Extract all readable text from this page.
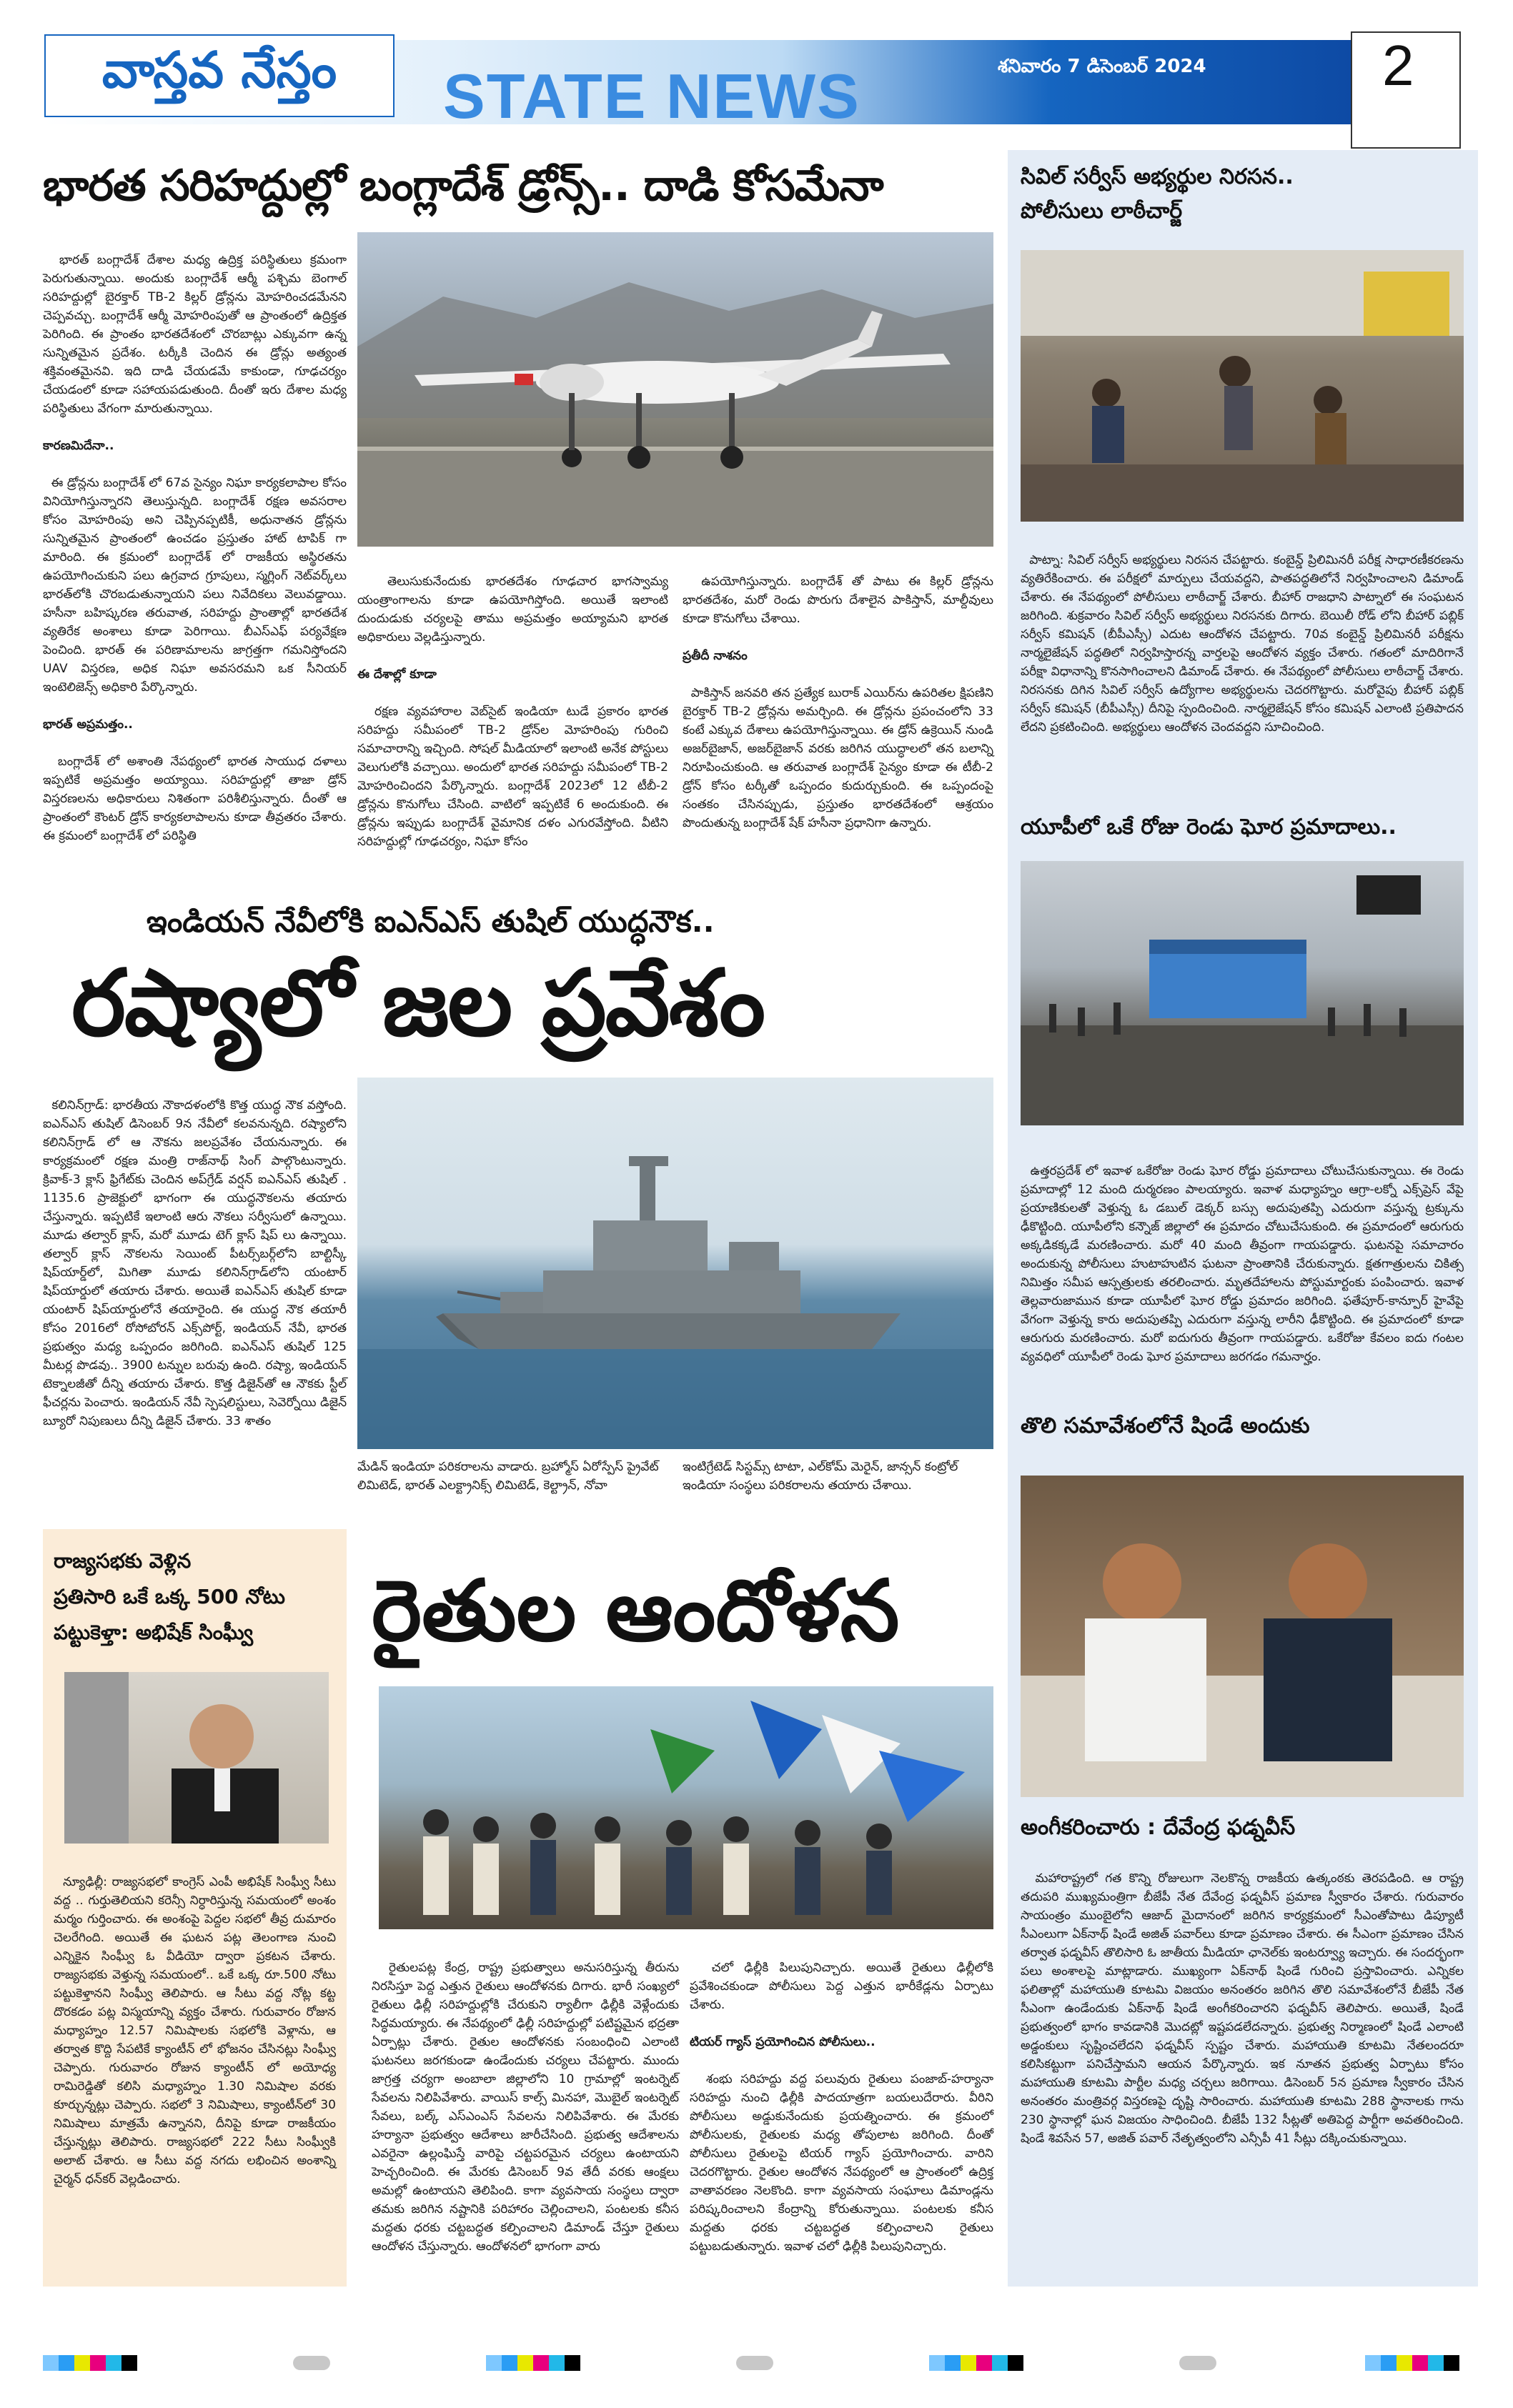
వాస్తవ నేస్తం STATE NEWS	శనివారం 7 డిసెంబర్ 2024	2
భారత సరిహద్దుల్లో బంగ్లాదేశ్ డ్రోన్స్.. దాడి కోసమేనా

భారత్ బంగ్లాదేశ్ దేశాల మధ్య ఉద్రిక్త పరిస్థితులు క్రమంగా పెరుగుతున్నాయి. అందుకు బంగ్లాదేశ్ ఆర్మీ పశ్చిమ బెంగాల్ సరిహద్దుల్లో బైరక్తార్ TB-2 కిల్లర్ డ్రోన్లను మోహరించడమేనని చెప్పవచ్చు. బంగ్లాదేశ్ ఆర్మీ మోహరింపుతో ఆ ప్రాంతంలో ఉద్రిక్తత పెరిగింది. ఈ ప్రాంతం భారతదేశంలో చొరబాట్లు ఎక్కువగా ఉన్న సున్నితమైన ప్రదేశం. టర్కీకి చెందిన ఈ డ్రోన్లు అత్యంత శక్తివంతమైనవి. ఇది దాడి చేయడమే కాకుండా, గూఢచర్యం చేయడంలో కూడా సహాయపడుతుంది. దీంతో ఇరు దేశాల మధ్య పరిస్థితులు వేగంగా మారుతున్నాయి.

కారణమిదేనా..

ఈ డ్రోన్లను బంగ్లాదేశ్ లో 67వ సైన్యం నిఘా కార్యకలాపాల కోసం వినియోగిస్తున్నారని తెలుస్తున్నది. బంగ్లాదేశ్ రక్షణ అవసరాల కోసం మోహరింపు అని చెప్పినప్పటికీ, అధునాతన డ్రోన్లను సున్నితమైన ప్రాంతంలో ఉంచడం ప్రస్తుతం హాట్ టాపిక్ గా మారింది. ఈ క్రమంలో బంగ్లాదేశ్ లో రాజకీయ అస్థిరతను ఉపయోగించుకుని పలు ఉగ్రవాద గ్రూపులు, స్మగ్లింగ్ నెట్‌వర్క్‌లు భారత్‌లోకి చొరబడుతున్నాయని పలు నివేదికలు వెలువడ్డాయి. హసీనా బహిష్కరణ తరువాత, సరిహద్దు ప్రాంతాల్లో భారతదేశ వ్యతిరేక అంశాలు కూడా పెరిగాయి. బీఎస్‌ఎఫ్ పర్యవేక్షణ పెంచింది. భారత్ ఈ పరిణామాలను జాగ్రత్తగా గమనిస్తోందని UAV విస్తరణ, అధిక నిఘా అవసరమని ఒక సీనియర్ ఇంటెలిజెన్స్ అధికారి పేర్కొన్నారు.

భారత్ అప్రమత్తం..

బంగ్లాదేశ్ లో అశాంతి నేపథ్యంలో భారత సాయుధ దళాలు ఇప్పటికే అప్రమత్తం అయ్యాయి. సరిహద్దుల్లో తాజా డ్రోన్ విస్తరణలను అధికారులు నిశితంగా పరిశీలిస్తున్నారు. దీంతో ఆ ప్రాంతంలో కౌంటర్ డ్రోన్ కార్యకలాపాలను కూడా తీవ్రతరం చేశారు. ఈ క్రమంలో బంగ్లాదేశ్ లో పరిస్థితి

తెలుసుకునేందుకు భారతదేశం గూఢచార భాగస్వామ్య యంత్రాంగాలను కూడా ఉపయోగిస్తోంది. అయితే ఇలాంటి దుందుడుకు చర్యలపై తాము అప్రమత్తం అయ్యామని భారత అధికారులు వెల్లడిస్తున్నారు.

ఈ దేశాల్లో కూడా

రక్షణ వ్యవహారాల వెబ్‌సైట్ ఇండియా టుడే ప్రకారం భారత సరిహద్దు సమీపంలో TB-2 డ్రోన్‌ల మోహరింపు గురించి సమాచారాన్ని ఇచ్చింది. సోషల్ మీడియాలో ఇలాంటి అనేక పోస్టులు వెలుగులోకి వచ్చాయి. అందులో భారత సరిహద్దు సమీపంలో TB-2 మోహరించిందని పేర్కొన్నారు. బంగ్లాదేశ్ 2023లో 12 టీబీ-2 డ్రోన్లను కొనుగోలు చేసింది. వాటిలో ఇప్పటికే 6 అందుకుంది. ఈ డ్రోన్లను ఇప్పుడు బంగ్లాదేశ్ వైమానిక దళం ఎగురవేస్తోంది. వీటిని సరిహద్దుల్లో గూఢచర్యం, నిఘా కోసం

ఉపయోగిస్తున్నారు. బంగ్లాదేశ్ తో పాటు ఈ కిల్లర్ డ్రోన్లను భారతదేశం, మరో రెండు పొరుగు దేశాలైన పాకిస్తాన్, మాల్దీవులు కూడా కొనుగోలు చేశాయి.

ప్రతీదీ నాశనం

పాకిస్తాన్ జనవరి తన ప్రత్యేక బురాక్ ఎయిర్‌ను ఉపరితల క్షిపణిని బైరక్తార్ TB-2 డ్రోన్లను అమర్చింది. ఈ డ్రోన్లను ప్రపంచంలోని 33 కంటే ఎక్కువ దేశాలు ఉపయోగిస్తున్నాయి. ఈ డ్రోన్ ఉక్రెయిన్ నుండి అజర్‌బైజాన్, అజర్‌బైజాన్ వరకు జరిగిన యుద్ధాలలో తన బలాన్ని నిరూపించుకుంది. ఆ తరువాత బంగ్లాదేశ్ సైన్యం కూడా ఈ టీబీ-2 డ్రోన్ కోసం టర్కీతో ఒప్పందం కుదుర్చుకుంది. ఈ ఒప్పందంపై సంతకం చేసినప్పుడు, ప్రస్తుతం భారతదేశంలో ఆశ్రయం పొందుతున్న బంగ్లాదేశ్ షేక్ హసీనా ప్రధానిగా ఉన్నారు.

ఇండియన్ నేవీలోకి ఐఎన్ఎస్ తుషిల్ యుద్ధనౌక..
రష్యాలో జల ప్రవేశం

కలినిన్‌గ్రాడ్: భారతీయ నౌకాదళంలోకి కొత్త యుద్ధ నౌక వస్తోంది. ఐఎన్ఎస్ తుషిల్ డిసెంబర్ 9న నేవీలో కలవనున్నది. రష్యాలోని కలినిన్‌గ్రాడ్ లో ఆ నౌకను జలప్రవేశం చేయనున్నారు. ఈ కార్యక్రమంలో రక్షణ మంత్రి రాజ్‌నాథ్ సింగ్ పాల్గొంటున్నారు. క్రివాక్-3 క్లాస్ ఫ్రిగేట్‌కు చెందిన అప్‌గ్రేడ్ వర్షన్ ఐఎన్ఎస్ తుషిల్ . 1135.6 ప్రాజెక్టులో భాగంగా ఈ యుద్ధనౌకలను తయారు చేస్తున్నారు. ఇప్పటికే ఇలాంటి ఆరు నౌకలు సర్వీసులో ఉన్నాయి. మూడు తల్వార్ క్లాస్, మరో మూడు టెగ్ క్లాస్ షిప్ లు ఉన్నాయి. తల్వార్ క్లాస్ నౌకలను సెయింట్ పీటర్స్‌బర్గ్‌లోని బాల్టిస్కీ షిప్‌యార్డ్‌లో, మిగితా మూడు కలినిన్‌గ్రాడ్‌లోని యంటార్ షిప్‌యార్డులో తయారు చేశారు. అయితే ఐఎన్ఎస్ తుషిల్ కూడా యంటార్ షిప్‌యార్డులోనే తయారైంది. ఈ యుద్ధ నౌక తయారీ కోసం 2016లో రోసోబోరన్ ఎక్స్‌పోర్ట్, ఇండియన్ నేవీ, భారత ప్రభుత్వం మధ్య ఒప్పందం జరిగింది. ఐఎన్ఎస్ తుషిల్ 125 మీటర్ల పొడవు.. 3900 టన్నుల బరువు ఉంది. రష్యా, ఇండియన్ టెక్నాలజీతో దీన్ని తయారు చేశారు. కొత్త డిజైన్‌తో ఆ నౌకకు స్టీల్ ఫీచర్లను పెంచారు. ఇండియన్ నేవీ స్పెషలిస్టులు, సెవెర్నోయి డిజైన్ బ్యూరో నిపుణులు దీన్ని డిజైన్ చేశారు. 33 శాతం

మేడిన్ ఇండియా పరికరాలను వాడారు. బ్రహ్మోస్ ఏరోస్పేస్ ప్రైవేట్ లిమిటెడ్, భారత్ ఎలక్ట్రానిక్స్ లిమిటెడ్, కెల్ట్రాన్, నోవా
ఇంటిగ్రేటెడ్ సిస్టమ్స్ టాటా, ఎల్‌కోమ్ మెరైన్, జాన్సన్ కంట్రోల్ ఇండియా సంస్థలు పరికరాలను తయారు చేశాయి.
సివిల్ సర్వీస్ అభ్యర్థుల నిరసన..
పోలీసులు లాఠీచార్జ్

పాట్నా: సివిల్ సర్వీస్ అభ్యర్థులు నిరసన చేపట్టారు. కంబైన్డ్ ప్రిలిమినరీ పరీక్ష సాధారణీకరణను వ్యతిరేకించారు. ఈ పరీక్షలో మార్పులు చేయవద్దని, పాతపద్ధతిలోనే నిర్వహించాలని డిమాండ్ చేశారు. ఈ నేపథ్యంలో పోలీసులు లాఠీచార్జ్ చేశారు. బీహార్ రాజధాని పాట్నాలో ఈ సంఘటన జరిగింది. శుక్రవారం సివిల్ సర్వీస్ అభ్యర్థులు నిరసనకు దిగారు. బెయిలీ రోడ్ లోని బీహార్ పబ్లిక్ సర్వీస్ కమిషన్ (బీపీఎస్సీ) ఎదుట ఆందోళన చేపట్టారు. 70వ కంబైన్డ్ ప్రిలిమినరీ పరీక్షను నార్మలైజేషన్ పద్ధతిలో నిర్వహిస్తారన్న వార్తలపై ఆందోళన వ్యక్తం చేశారు. గతంలో మాదిరిగానే పరీక్షా విధానాన్ని కొనసాగించాలని డిమాండ్ చేశారు. ఈ నేపథ్యంలో పోలీసులు లాఠీచార్జ్ చేశారు. నిరసనకు దిగిన సివిల్ సర్వీస్ ఉద్యోగాల అభ్యర్థులను చెదరగొట్టారు. మరోవైపు బీహార్ పబ్లిక్ సర్వీస్ కమిషన్ (బీపీఎస్సీ) దీనిపై స్పందించింది. నార్మలైజేషన్ కోసం కమిషన్ ఎలాంటి ప్రతిపాదన లేదని ప్రకటించింది. అభ్యర్థులు ఆందోళన చెందవద్దని సూచించింది.

యూపీలో ఒకే రోజు రెండు ఘోర ప్రమాదాలు..

ఉత్తరప్రదేశ్ లో ఇవాళ ఒకేరోజు రెండు ఘోర రోడ్డు ప్రమాదాలు చోటుచేసుకున్నాయి. ఈ రెండు ప్రమాదాల్లో 12 మంది దుర్మరణం పాలయ్యారు. ఇవాళ మధ్యాహ్నం ఆగ్రా-లక్నో ఎక్స్‌ప్రెస్ వేపై ప్రయాణికులతో వెళ్తున్న ఓ డబుల్ డెక్కర్ బస్సు అదుపుతప్పి ఎదురుగా వస్తున్న ట్రక్కును ఢీకొట్టింది. యూపీలోని కన్నౌజ్ జిల్లాలో ఈ ప్రమాదం చోటుచేసుకుంది. ఈ ప్రమాదంలో ఆరుగురు అక్కడికక్కడే మరణించారు. మరో 40 మంది తీవ్రంగా గాయపడ్డారు. ఘటనపై సమాచారం అందుకున్న పోలీసులు హుటాహుటిన ఘటనా ప్రాంతానికి చేరుకున్నారు. క్షతగాత్రులను చికిత్స నిమిత్తం సమీప ఆస్పత్రులకు తరలించారు. మృతదేహాలను పోస్టుమార్టంకు పంపించారు. ఇవాళ తెల్లవారుజామున కూడా యూపీలో ఘోర రోడ్డు ప్రమాదం జరిగింది. ఫతేపూర్-కాన్పూర్ హైవేపై వేగంగా వెళ్తున్న కారు అదుపుతప్పి ఎదురుగా వస్తున్న లారీని ఢీకొట్టింది. ఈ ప్రమాదంలో కూడా ఆరుగురు మరణించారు. మరో ఐదుగురు తీవ్రంగా గాయపడ్డారు. ఒకేరోజు కేవలం ఐదు గంటల వ్యవధిలో యూపీలో రెండు ఘోర ప్రమాదాలు జరగడం గమనార్హం.

తొలి సమావేశంలోనే షిండే అందుకు
అంగీకరించారు : దేవేంద్ర ఫడ్నవీస్

మహారాష్ట్రలో గత కొన్ని రోజులుగా నెలకొన్న రాజకీయ ఉత్కంఠకు తెరపడింది. ఆ రాష్ట్ర తదుపరి ముఖ్యమంత్రిగా బీజేపీ నేత దేవేంద్ర ఫడ్నవీస్ ప్రమాణ స్వీకారం చేశారు. గురువారం సాయంత్రం ముంబైలోని ఆజాద్ మైదానంలో జరిగిన కార్యక్రమంలో సీఎంతోపాటు డిప్యూటీ సీఎంలుగా ఏక్‌నాథ్ షిండే అజిత్ పవార్‌లు కూడా ప్రమాణం చేశారు. ఈ సీఎంగా ప్రమాణం చేసిన తర్వాత ఫడ్నవీస్ తొలిసారి ఓ జాతీయ మీడియా ఛానెల్‌కు ఇంటర్వ్యూ ఇచ్చారు. ఈ సందర్భంగా పలు అంశాలపై మాట్లాడారు. ముఖ్యంగా ఏక్‌నాథ్ షిండే గురించి ప్రస్తావించారు. ఎన్నికల ఫలితాల్లో మహాయుతి కూటమి విజయం అనంతరం జరిగిన తొలి సమావేశంలోనే బీజేపీ నేత సీఎంగా ఉండేందుకు ఏక్‌నాథ్ షిండే అంగీకరించారని ఫడ్నవీస్ తెలిపారు. అయితే, షిండే ప్రభుత్వంలో భాగం కావడానికి మొదట్లో ఇష్టపడలేదన్నారు. ప్రభుత్వ నిర్మాణంలో షిండే ఎలాంటి అడ్డంకులు సృష్టించలేదని ఫడ్నవీస్ స్పష్టం చేశారు. మహాయుతి కూటమి నేతలందరూ కలిసికట్టుగా పనిచేస్తామని ఆయన పేర్కొన్నారు. ఇక నూతన ప్రభుత్వ ఏర్పాటు కోసం మహాయుతి కూటమి పార్టీల మధ్య చర్చలు జరిగాయి. డిసెంబర్ 5న ప్రమాణ స్వీకారం చేసిన అనంతరం మంత్రివర్గ విస్తరణపై దృష్టి సారించారు. మహాయుతి కూటమి 288 స్థానాలకు గాను 230 స్థానాల్లో ఘన విజయం సాధించింది. బీజేపీ 132 సీట్లతో అతిపెద్ద పార్టీగా అవతరించింది. షిండే శివసేన 57, అజిత్ పవార్ నేతృత్వంలోని ఎన్సీపీ 41 సీట్లు దక్కించుకున్నాయి.

రాజ్యసభకు వెళ్లిన
ప్రతిసారి ఒకే ఒక్క 500 నోటు
పట్టుకెళ్తా: అభిషేక్ సింఘ్వీ

న్యూఢిల్లీ: రాజ్యసభలో కాంగ్రెస్ ఎంపీ అభిషేక్ సింఘ్వీ సీటు వద్ద .. గుర్తుతెలియని కరెన్సీ నిర్ధారిస్తున్న సమయంలో అంశం మర్మం గుర్తించారు. ఈ అంశంపై పెద్దల సభలో తీవ్ర దుమారం చెలరేగింది. అయితే ఈ ఘటన పట్ల తెలంగాణ నుంచి ఎన్నికైన సింఘ్వీ ఓ వీడియో ద్వారా ప్రకటన చేశారు. రాజ్యసభకు వెళ్తున్న సమయంలో.. ఒకే ఒక్క రూ.500 నోటు పట్టుకెళ్తానని సింఘ్వీ తెలిపారు. ఆ సీటు వద్ద నోట్ల కట్ట దొరకడం పట్ల విస్మయాన్ని వ్యక్తం చేశారు. గురువారం రోజున మధ్యాహ్నం 12.57 నిమిషాలకు సభలోకి వెళ్లాను, ఆ తర్వాత కొద్ది సేపటికే క్యాంటీన్ లో భోజనం చేసినట్లు సింఘ్వీ చెప్పారు. గురువారం రోజున క్యాంటీన్ లో అయోధ్య రామిరెడ్డితో కలిసి మధ్యాహ్నం 1.30 నిమిషాల వరకు కూర్చున్నట్లు చెప్పారు. సభలో 3 నిమిషాలు, క్యాంటీన్‌లో 30 నిమిషాలు మాత్రమే ఉన్నానని, దీనిపై కూడా రాజకీయం చేస్తున్నట్లు తెలిపారు. రాజ్యసభలో 222 సీటు సింఘ్వీకి అలాట్ చేశారు. ఆ సీటు వద్ద నగదు లభించిన అంశాన్ని చైర్మన్ ధన్‌కర్ వెల్లడించారు.

రైతుల ఆందోళన

రైతులపట్ల కేంద్ర, రాష్ట్ర ప్రభుత్వాలు అనుసరిస్తున్న తీరును నిరసిస్తూ పెద్ద ఎత్తున రైతులు ఆందోళనకు దిగారు. భారీ సంఖ్యలో రైతులు ఢిల్లీ సరిహద్దుల్లోకి చేరుకుని ర్యాలీగా ఢిల్లీకి వెళ్లేందుకు సిద్ధమయ్యారు. ఈ నేపథ్యంలో ఢిల్లీ సరిహద్దుల్లో పటిష్టమైన భద్రతా ఏర్పాట్లు చేశారు. రైతుల ఆందోళనకు సంబంధించి ఎలాంటి ఘటనలు జరగకుండా ఉండేందుకు చర్యలు చేపట్టారు. ముందు జాగ్రత్త చర్యగా అంబాలా జిల్లాలోని 10 గ్రామాల్లో ఇంటర్నెట్ సేవలను నిలిపివేశారు. వాయిస్ కాల్స్ మినహా, మొబైల్ ఇంటర్నెట్ సేవలు, బల్క్ ఎస్ఎంఎస్ సేవలను నిలిపివేశారు. ఈ మేరకు హర్యానా ప్రభుత్వం ఆదేశాలు జారీచేసింది. ప్రభుత్వ ఆదేశాలను ఎవరైనా ఉల్లంఘిస్తే వారిపై చట్టపరమైన చర్యలు ఉంటాయని హెచ్చరించింది. ఈ మేరకు డిసెంబర్ 9వ తేదీ వరకు ఆంక్షలు అమల్లో ఉంటాయని తెలిపింది. కాగా వ్యవసాయ సంస్థలు ద్వారా తమకు జరిగిన నష్టానికి పరిహారం చెల్లించాలని, పంటలకు కనీస మద్దతు ధరకు చట్టబద్ధత కల్పించాలని డిమాండ్ చేస్తూ రైతులు ఆందోళన చేస్తున్నారు. ఆందోళనలో భాగంగా వారు

చలో ఢిల్లీకి పిలుపునిచ్చారు. అయితే రైతులు ఢిల్లీలోకి ప్రవేశించకుండా పోలీసులు పెద్ద ఎత్తున భారీకేడ్లను ఏర్పాటు చేశారు.

టియర్ గ్యాస్ ప్రయోగించిన పోలీసులు..

శంభు సరిహద్దు వద్ద పలువురు రైతులు పంజాబ్-హర్యానా సరిహద్దు నుంచి ఢిల్లీకి పాదయాత్రగా బయలుదేరారు. వీరిని పోలీసులు అడ్డుకునేందుకు ప్రయత్నించారు. ఈ క్రమంలో పోలీసులకు, రైతులకు మధ్య తోపులాట జరిగింది. దీంతో పోలీసులు రైతులపై టియర్ గ్యాస్ ప్రయోగించారు. వారిని చెదరగొట్టారు. రైతుల ఆందోళన నేపథ్యంలో ఆ ప్రాంతంలో ఉద్రిక్త వాతావరణం నెలకొంది. కాగా వ్యవసాయ సంఘాలు డిమాండ్లను పరిష్కరించాలని కేంద్రాన్ని కోరుతున్నాయి. పంటలకు కనీస మద్దతు ధరకు చట్టబద్ధత కల్పించాలని రైతులు పట్టుబడుతున్నారు. ఇవాళ చలో ఢిల్లీకి పిలుపునిచ్చారు.
